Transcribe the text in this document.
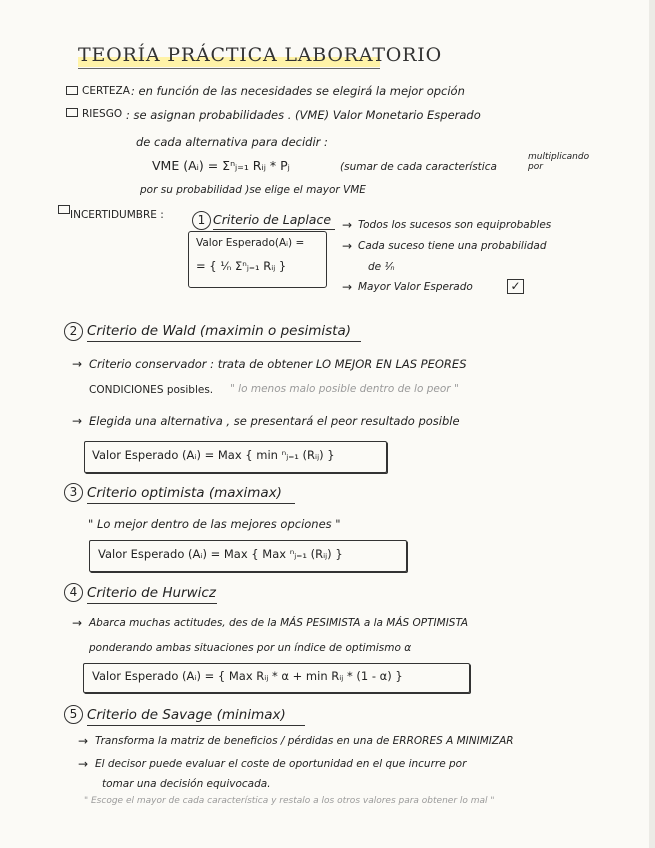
TEORÍA PRÁCTICA LABORATORIO
CERTEZA : en función de las necesidades se elegirá la mejor opción
RIESGO : se asignan probabilidades . (VME) Valor Monetario Esperado
de cada alternativa para decidir :
VME (Aᵢ) = Σⁿⱼ₌₁ Rᵢⱼ * Pⱼ	(sumar de cada característica
multiplicando por
por su probabilidad )se elige el mayor VME
INCERTIDUMBRE :	1 Criterio de Laplace
Valor Esperado(Aᵢ) =
= { ¹⁄ₙ Σⁿⱼ₌₁ Rᵢⱼ }
→ Todos los sucesos son equiprobables
→ Cada suceso tiene una probabilidad
de ¹⁄ₙ
→ Mayor Valor Esperado	✓
2 Criterio de Wald (maximin o pesimista)
→ Criterio conservador : trata de obtener LO MEJOR EN LAS PEORES
CONDICIONES posibles. " lo menos malo posible dentro de lo peor "
→ Elegida una alternativa , se presentará el peor resultado posible
Valor Esperado (Aᵢ) = Max { min ⁿⱼ₌₁ (Rᵢⱼ) }
3 Criterio optimista (maximax)
" Lo mejor dentro de las mejores opciones "
Valor Esperado (Aᵢ) = Max { Max ⁿⱼ₌₁ (Rᵢⱼ) }
4 Criterio de Hurwicz
→ Abarca muchas actitudes, des de la MÁS PESIMISTA a la MÁS OPTIMISTA
ponderando ambas situaciones por un índice de optimismo α
Valor Esperado (Aᵢ) = { Max Rᵢⱼ * α + min Rᵢⱼ * (1 - α) }
5 Criterio de Savage (minimax)
→ Transforma la matriz de beneficios / pérdidas en una de ERRORES A MINIMIZAR
→ El decisor puede evaluar el coste de oportunidad en el que incurre por
tomar una decisión equivocada.
" Escoge el mayor de cada característica y restalo a los otros valores para obtener lo mal "
